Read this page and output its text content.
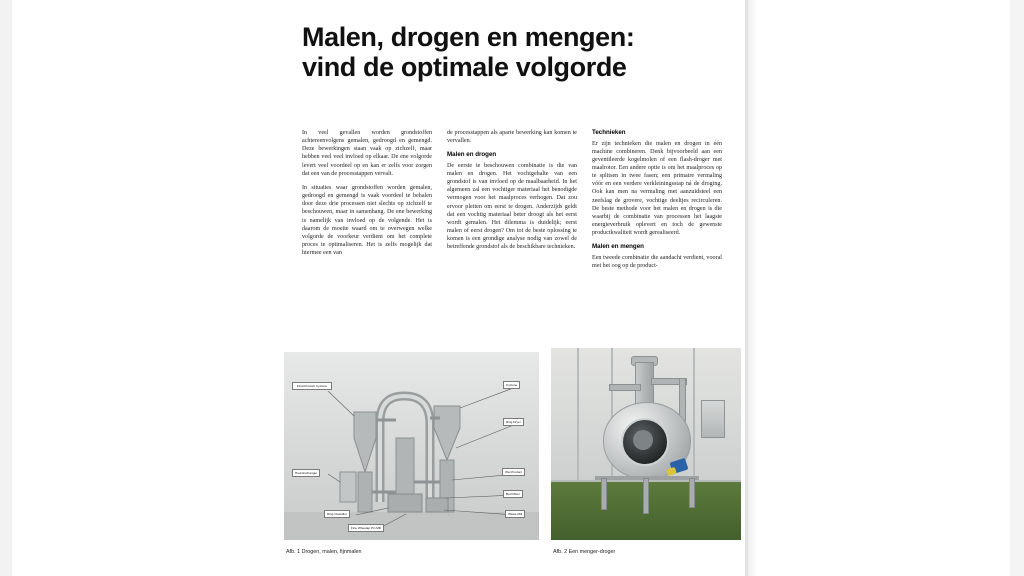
Malen, drogen en mengen:
vind de optimale volgorde

In veel gevallen worden grondstoffen achtereenvolgens gemalen, gedroogd en gemengd. Deze bewerkingen staan vaak op zichzelf, maar hebben veel veel invloed op elkaar. De ene volgorde levert veel voordeel op en kan er zelfs voor zorgen dat een van de processtappen vervalt.

In situaties waar grondstoffen worden gemalen, gedroogd en gemengd is vaak voordeel te behalen door deze drie processen niet slechts op zichzelf te beschouwen, maar in samenhang. De ene bewerking is namelijk van invloed op de volgende. Het is daarom de moeite waard om te overwegen welke volgorde de voorkeur verdient om het complete proces te optimaliseren. Het is zelfs mogelijk dat hiermee een van

de processtappen als aparte bewerking kan komen te vervallen.

Malen en drogen

De eerste te beschouwen combinatie is die van malen en drogen. Het vochtgehalte van een grondstof is van invloed op de maalbaarheid. In het algemeen zal een vochtiger materiaal het benodigde vermogen voor het maalproces verhogen. Dat zou ervoor pleiten om eerst te drogen. Anderzijds geldt dat een vochtig materiaal beter droogt als het eerst wordt gemalen. Het dilemma is duidelijk; eerst malen of eerst drogen? Om tot de beste oplossing te komen is een grondige analyse nodig van zowel de betreffende grondstof als de beschikbare technieken.

Technieken

Er zijn technieken die malen en drogen in één machine combineren. Denk bijvoorbeeld aan een geventileerde kogelmolen of een flash-droger met maalrotor. Een andere optie is om het maalproces op te splitsen in twee fasen; een primaire vermaling vóór en een verdere verkleiningsstap ná de droging. Ook kan men na vermaling met aanzuidsteel een zeefslag de grovere, vochtige deeltjes recirculeren. De beste methode voor het malen en drogen is die waarbij de combinatie van processen het laagste energieverbruik oplevert en toch de gewenste productkwaliteit wordt gerealiseerd.

Malen en mengen

Een tweede combinatie die aandacht verdient, vooral met het oog op de product-

Cyclone
Final Product Cyclone
Ring Dryer
Wet Product
Heat Exchanger
Bed Mixer
Waste Mill
Ring Classifier
Fine Wheelap Pin Mill
Afb. 1 Drogen, malen, fijnmalen	Afb. 2 Een menger-droger
